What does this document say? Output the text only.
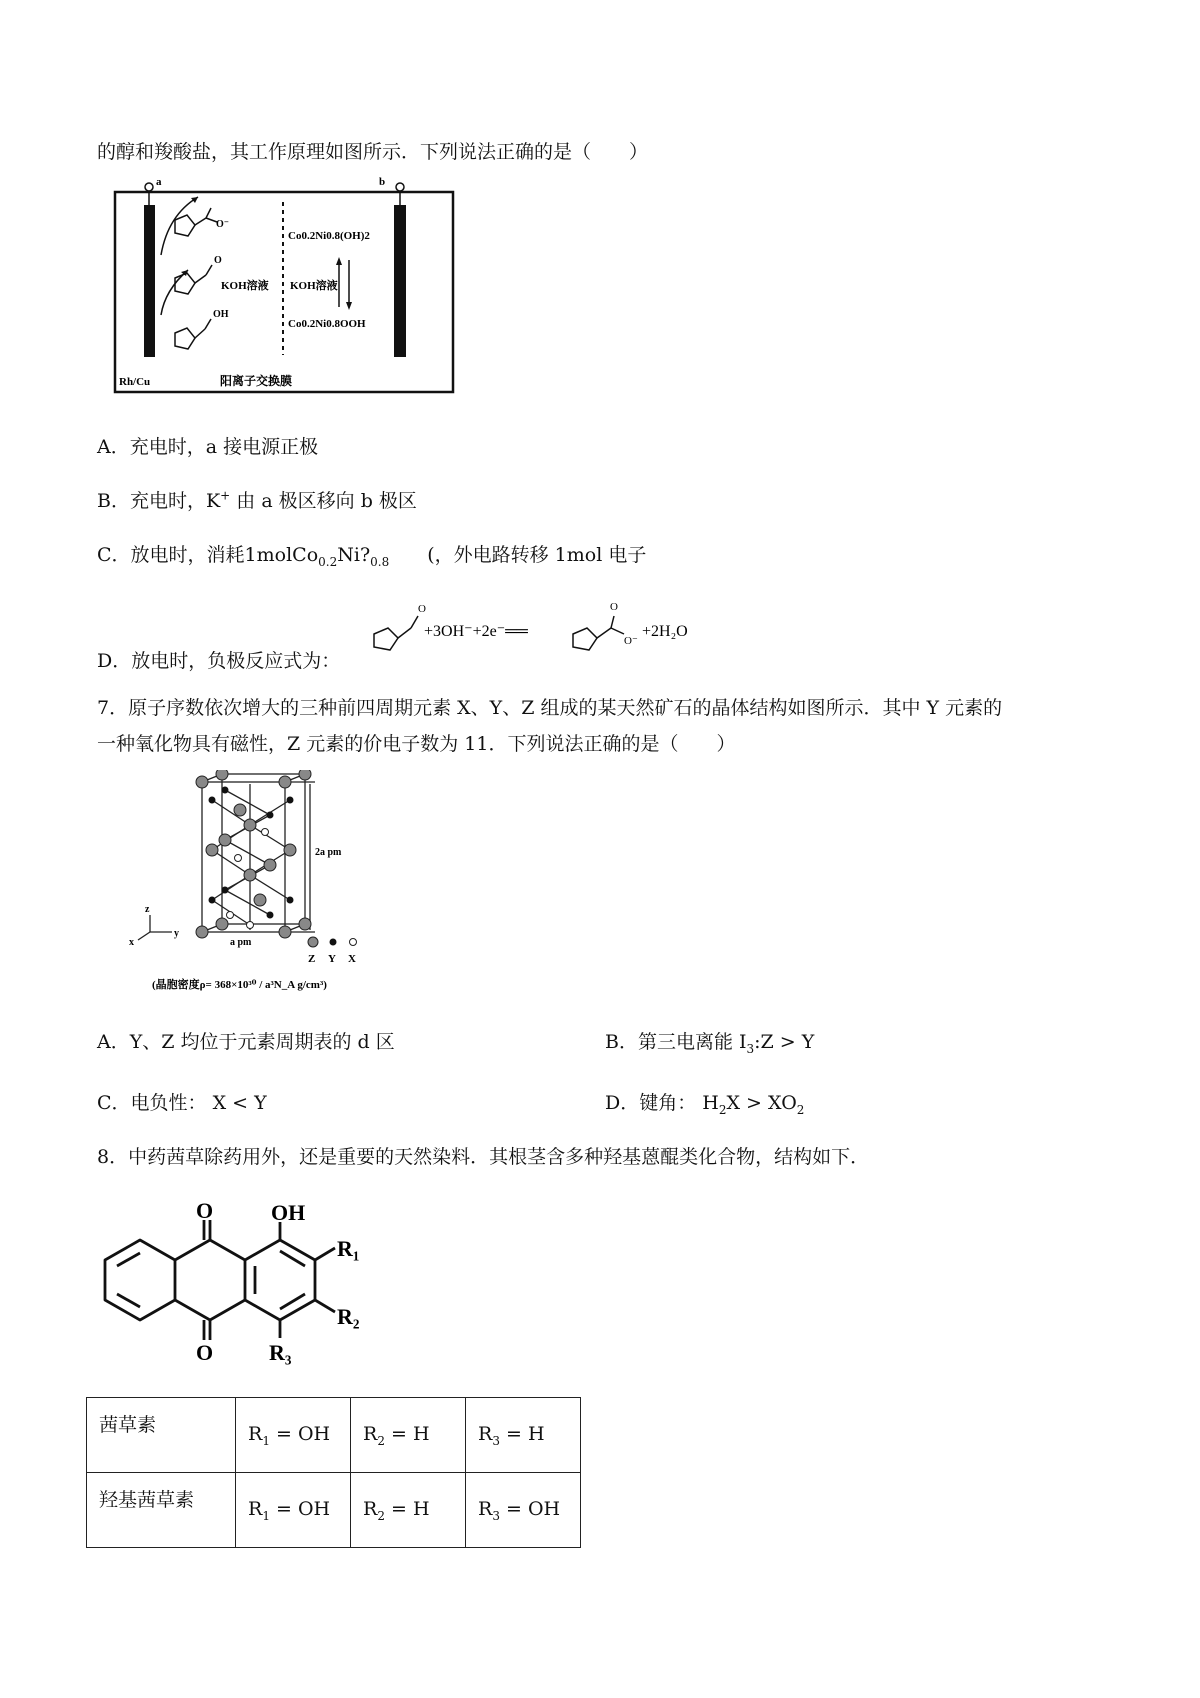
的醇和羧酸盐，其工作原理如图所示．下列说法正确的是（　　）
a	b
O⁻
O
OH
KOH溶液 KOH溶液
Co0.2Ni0.8(OH)2
Co0.2Ni0.8OOH
Rh/Cu	阳离子交换膜
A．充电时，a 接电源正极
B．充电时，K+ 由 a 极区移向 b 极区
C．放电时，消耗$1molCo_{0.2}Ni?_{0.8}$ (，外电路转移 1mol 电子
D．放电时，负极反应式为：
O	O
O⁻
+3OH⁻+2e⁻══	+2H₂O
7．原子序数依次增大的三种前四周期元素 X、Y、Z 组成的某天然矿石的晶体结构如图所示．其中 Y 元素的
一种氧化物具有磁性，Z 元素的价电子数为 11．下列说法正确的是（　　）
2a pm
a pm
z
y
x
Z Y X
(晶胞密度ρ= 368×10³⁰ / a³N_A g/cm³)
A．Y、Z 均位于元素周期表的 d 区	B．第三电离能 $I_3:Z > Y$
C．电负性： X < Y	D．键角： $H_2X > XO_2$
8．中药茜草除药用外，还是重要的天然染料．其根茎含多种羟基蒽醌类化合物，结构如下．
O	OH
R₁
R₂
R₃
O
茜草素	$R_1$ = OH	$R_2 = H$	$R_3 = H$
羟基茜草素	$R_1$ = OH	$R_2 = H$	$R_3$ = OH
